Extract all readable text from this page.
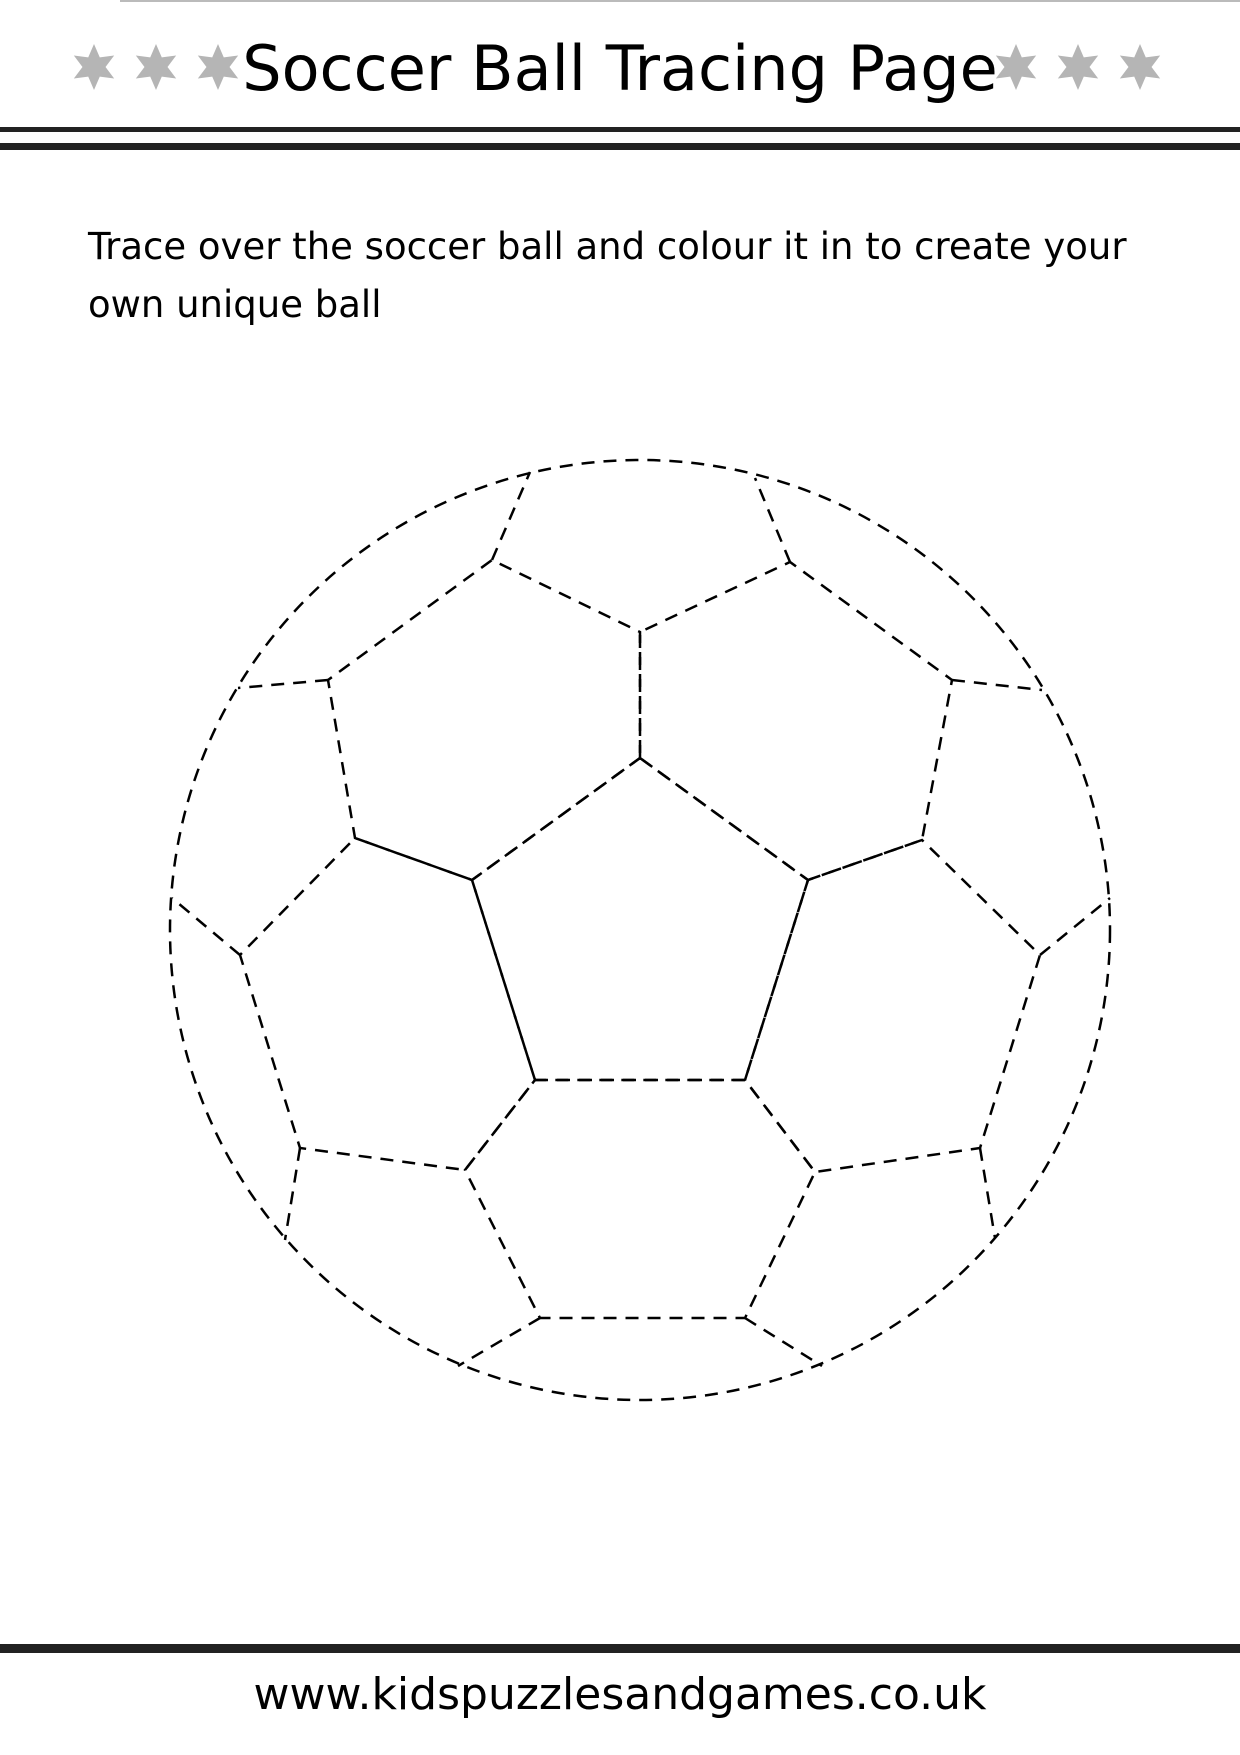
Soccer Ball Tracing Page
Trace over the soccer ball and colour it in to create your own unique ball
www.kidspuzzlesandgames.co.uk
